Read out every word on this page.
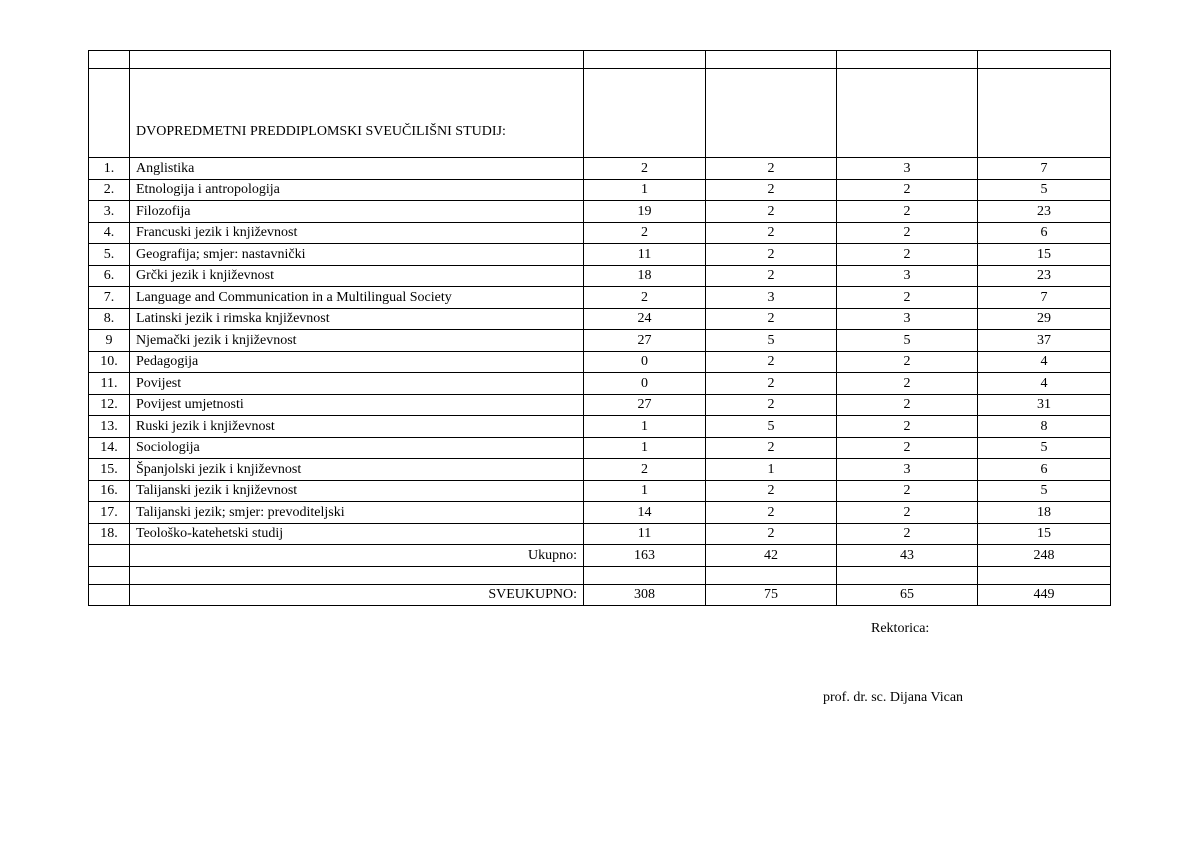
	DVOPREDMETNI PREDDIPLOMSKI SVEUČILIŠNI STUDIJ:				
1.	Anglistika	2	2	3	7
2.	Etnologija i antropologija	1	2	2	5
3.	Filozofija	19	2	2	23
4.	Francuski jezik i književnost	2	2	2	6
5.	Geografija; smjer: nastavnički	11	2	2	15
6.	Grčki jezik i književnost	18	2	3	23
7.	Language and Communication in a Multilingual Society	2	3	2	7
8.	Latinski jezik i rimska književnost	24	2	3	29
9	Njemački jezik i književnost	27	5	5	37
10.	Pedagogija	0	2	2	4
11.	Povijest	0	2	2	4
12.	Povijest umjetnosti	27	2	2	31
13.	Ruski jezik i književnost	1	5	2	8
14.	Sociologija	1	2	2	5
15.	Španjolski jezik i književnost	2	1	3	6
16.	Talijanski jezik i književnost	1	2	2	5
17.	Talijanski jezik; smjer: prevoditeljski	14	2	2	18
18.	Teološko-katehetski studij	11	2	2	15
	Ukupno:	163	42	43	248

	SVEUKUPNO:	308	75	65	449
Rektorica:
prof. dr. sc. Dijana Vican
